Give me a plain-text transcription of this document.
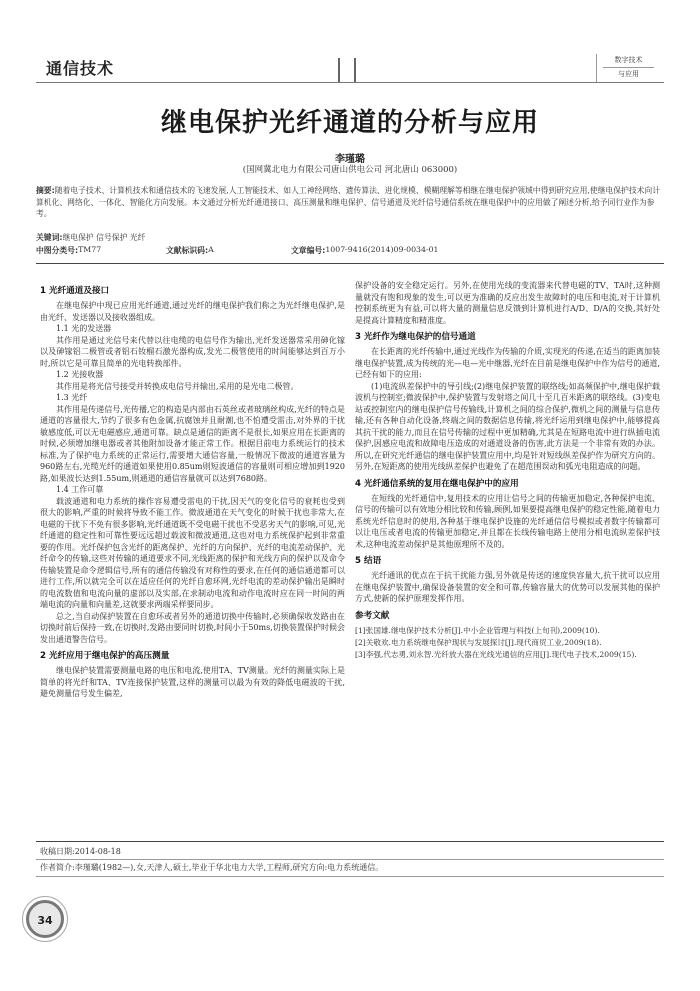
通信技术	数字技术
与应用
继电保护光纤通道的分析与应用
李瑾璐
(国网冀北电力有限公司唐山供电公司 河北唐山 063000)
摘要:随着电子技术、计算机技术和通信技术的飞速发展,人工智能技术、如人工神经网络、遗传算法、进化规模、模糊理解等相继在继电保护领域中得到研究应用,使继电保护技术向计算机化、网络化、一体化、智能化方向发展。本文通过分析光纤通道接口、高压测量和继电保护、信号通道及光纤信号通信系统在继电保护中的应用做了阐述分析,给予同行业作为参考。
关键词:继电保护 信号保护 光纤
中图分类号: TM77	文献标识码: A	文章编号: 1007-9416(2014)09-0034-01
1 光纤通道及接口

在继电保护中现已应用光纤通道,通过光纤的继电保护我们称之为光纤继电保护,是由光纤、发送器以及接收器组成。

1.1 光的发送器

其作用是通过光信号来代替以往电缆的电信号作为输出,光纤发送器常采用砷化镓以及砷镓铝二极管或者铝石钕榴石激光器构成,发光二极管使用的时间能够达到百万小时,所以它是可靠且简单的光电转换部件。

1.2 光接收器

其作用是将光信号接受并转换成电信号并输出,采用的是光电二极管。

1.3 光纤

其作用是传递信号,光传播,它的构造是内部由石英丝或者玻璃丝构成,光纤的特点是通道的容量很大,节约了很多有色金属,抗腐蚀并且耐潮,也不怕遭受雷击,对外界的干扰敏感度低,可以无电磁感应,通道可靠。缺点是通信的距离不是很长,如果应用在长距离的时候,必须增加继电器或者其他附加设备才能正常工作。根据目前电力系统运行的技术标准,为了保护电力系统的正常运行,需要增大通信容量,一般情况下微波的通道容量为960路左右,光缆光纤的通道如果使用0.85um则短波通信的容量则可相应增加到1920路,如果波长达到1.55um,则通道的通信容量就可以达到7680路。

1.4 工作可靠

载波通道和电力系统的操作容易遭受雷电的干扰,因天气的变化信号的衰耗也受到很大的影响,严重的时候将导致不能工作。微波通道在天气变化的时候干扰也非常大,在电磁的干扰下不免有很多影响,光纤通道既不受电磁干扰也不受恶劣天气的影响,可见,光纤通道的稳定性和可靠性要远远超过载波和微波通道,这也对电力系统保护起到非常重要的作用。光纤保护包含光纤的距离保护、光纤的方向保护、光纤的电流差动保护、光纤命令的传输,这些对传输的通道要求不同,光线距离的保护和光线方向的保护以及命令传输装置是命令逻辑信号,所有的通信传输没有对称性的要求,在任何的通信通道都可以进行工作,所以就完全可以在适应任何的光纤自愈环网,光纤电流的差动保护输出是瞬时的电流数值和电流向量的虚部以及实部,在求制动电流和动作电流时应在同一时间的两端电流的向量和向量差,这就要求两端采样要同步。

总之,当自动保护装置在自愈环或者另外的通道切换中传输时,必须确保收发路由在切换时前后保持一致,在切换时,发路由要同时切换,时间小于50ms,切换装置保护时候会发出通道警告信号。

2 光纤应用于继电保护的高压测量

继电保护装置需要测量电路的电压和电流,使用TA、TV测量。光纤的测量实际上是简单的将光纤和TA、TV连接保护装置,这样的测量可以最为有效的降低电磁波的干扰,避免测量信号发生偏差,

保护设备的安全稳定运行。另外,在使用光线的变流器来代替电磁的TV、TA时,这种测量就没有饱和现象的发生,可以更为准确的反应出发生故障时的电压和电流,对于计算机控制系统更为有益,可以将大量的测量信息反馈到计算机进行A/D、D/A的交换,其好处是提高计算精度和精准度。

3 光纤作为继电保护的信号通道

在长距离的光纤传输中,通过光线作为传输的介质,实现光的传递,在适当的距离加装继电保护装置,成为传统的光—电—光中继器,光纤在目前是继电保护中作为信号的通道,已经有如下的应用:

(1)电流纵差保护中的导引线;(2)继电保护装置的联络线;如高频保护中,继电保护载波机与控制室;微波保护中,保护装置与发射塔之间几十至几百米距离的联络线。(3)变电站或控制室内的继电保护信号传输线,计算机之间的综合保护,微机之间的测量与信息传输,还有各种自动化设备,终端之间的数据信息传输,将光纤运用到继电保护中,能够提高其抗干扰的能力,而且在信号传输的过程中更加精确,尤其是在短路电流中进行纵插电流保护,因感应电流和故障电压造成的对通道设备的伤害,此方法是一个非常有效的办法。所以,在研究光纤通信的继电保护装置应用中,均是针对短线纵差保护作为研究方向的。另外,在短距离的使用光线纵差保护也避免了在超范围误动和弧光电阻造成的问题。

4 光纤通信系统的复用在继电保护中的应用

在短线的光纤通信中,复用技术的应用让信号之间的传输更加稳定,各种保护电流、信号的传输可以有效地分相比较和传输,顾例,如果要提高继电保护的稳定性能,随着电力系统光纤信息时的使用,各种基于继电保护设施的光纤通信信号模拟或者数字传输都可以让电压或者电流的传输更加稳定,并且都在长线传输电路上使用分相电流纵差保护技术,这种电流差动保护是其他原理所不及的。

5 结语

光纤通讯的优点在于抗干扰能力强,另外就是传送的速度快容量大,抗干扰可以应用在继电保护装置中,确保设备装置的安全和可靠,传输容量大的优势可以发展其他的保护方式,使新的保护原理发挥作用。

参考文献

[1]张国雄.继电保护技术分析[J].中小企业管理与科技(上旬刊),2009(10).

[2]关敬欢.电力系统继电保护现状与发展探讨[J].现代商贸工业,2009(18).

[3]李强,代志勇,刘永智.光纤放大器在光线光通信的应用[J].现代电子技术,2009(15).

收稿日期:2014-08-18
作者简介:李瑾璐(1982—),女,天津人,硕士,毕业于华北电力大学,工程师,研究方向:电力系统通信。
34
